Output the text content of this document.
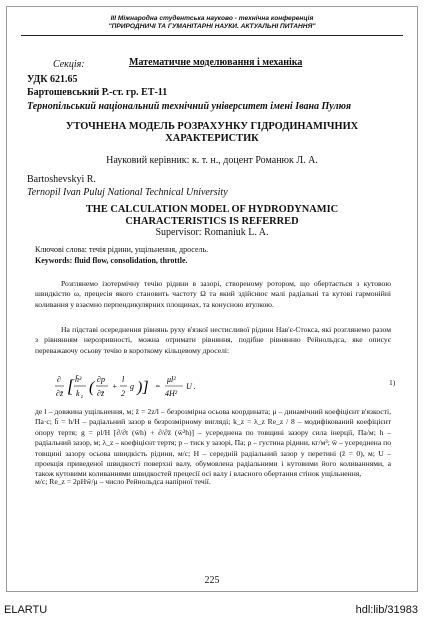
III Міжнародна студентська науково - технічна конференція
"ПРИРОДНИЧІ ТА ГУМАНІТАРНІ НАУКИ. АКТУАЛЬНІ ПИТАННЯ"
Секція:	Математичне моделювання і механіка
УДК 621.65
Бартошевський Р.-ст. гр. ЕТ-11
Тернопільський національний технічний університет імені Івана Пулюя
УТОЧНЕНА МОДЕЛЬ РОЗРАХУНКУ ГІДРОДИНАМІЧНИХ
ХАРАКТЕРИСТИК
Науковий керівник: к. т. н., доцент Романюк Л. А.
Bartoshevskyi R.
Ternopil Ivan Puluj National Technical University
THE CALCULATION MODEL OF HYDRODYNAMIC
CHARACTERISTICS IS REFERRED
Supervisor: Romaniuk L. A.
Ключові слова: течія рідини, ущільнення, дросель.
Keywords: fluid flow, consolidation, throttle.
Розглянемо ізотермічну течію рідини в зазорі, створеному ротором, що обертається з кутовою швидкістю ω, прецесія якого становить частоту Ω та який здійснює малі радіальні та кутові гармонійні коливання у взаємно перпендикулярних площинах, та конусною втулкою.
На підставі осереднення рівнянь руху в'язкої нестисливої рідини Нав'є-Стокса, які розглянемо разом з рівнянням нерозривності, можна отримати рівняння, подібне рівнянню Рейнольдса, яке описує переважаючу осьову течію в короткому кільцевому дроселі:
∂
∂z̄ [ h̄³
k z
( ∂p
∂z̄
+
l
2
g )] =
μl²
4H²
U .	1)
де l – довжина ущільнення, м; z̄ = 2z/l – безрозмірна осьова координата; μ – динамічний коефіцієнт в'язкості, Па·с; h̄ = h/H – радіальний зазор в безрозмірному вигляді; k_z = λ_z Re_z / 8 – модифікований коефіцієнт опору тертя; g = ρl/H [∂/∂t (w̄h) + ∂/∂z̄ (w̄²h)] – усереднена по товщині зазору сила інерції, Па/м; h – радіальний зазор, м; λ_z – коефіцієнт тертя; p – тиск у зазорі, Па; ρ – густина рідини, кг/м³; w̄ – усереднена по товщині зазору осьова швидкість рідини, м/с; H – середній радіальний зазор у перетині (z̄ = 0), м; U – проекція приведеної швидкості поверхні валу, обумовлена радіальними і кутовими його коливаннями, а також кутовими коливаннями швидкостей прецесії осі валу і власного обертання стінок ущільнення,
м/с; Re_z = 2ρHw̄/μ – число Рейнольдса напірної течії.
225
ELARTU	hdl:lib/31983
